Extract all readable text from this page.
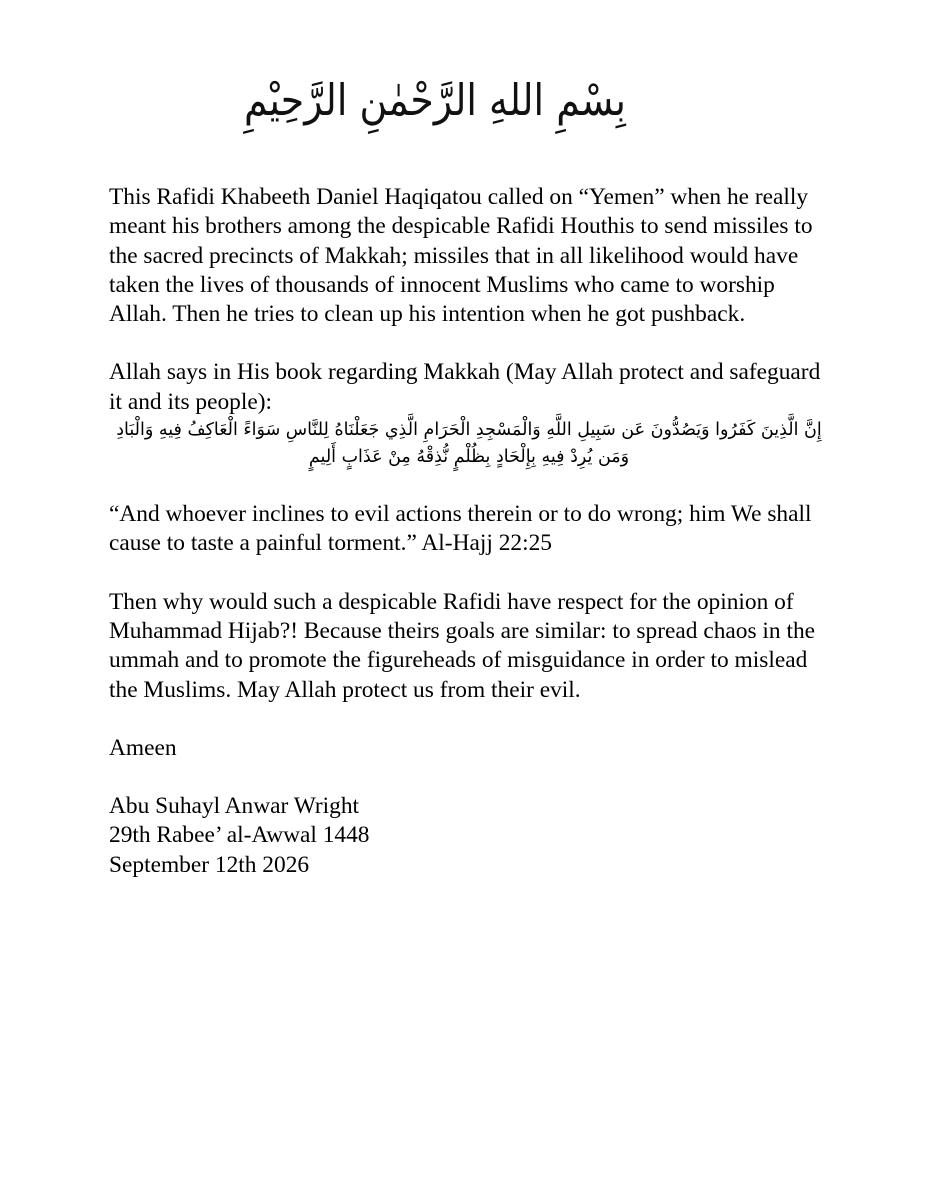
بِسْمِ اللهِ الرَّحْمٰنِ الرَّحِيْمِ

This Rafidi Khabeeth Daniel Haqiqatou called on “Yemen” when he really meant his brothers among the despicable Rafidi Houthis to send missiles to the sacred precincts of Makkah; missiles that in all likelihood would have taken the lives of thousands of innocent Muslims who came to worship Allah. Then he tries to clean up his intention when he got pushback.

Allah says in His book regarding Makkah (May Allah protect and safeguard it and its people):

إِنَّ الَّذِينَ كَفَرُوا وَيَصُدُّونَ عَن سَبِيلِ اللَّهِ وَالْمَسْجِدِ الْحَرَامِ الَّذِي جَعَلْنَاهُ لِلنَّاسِ سَوَاءً الْعَاكِفُ فِيهِ وَالْبَادِ وَمَن يُرِدْ فِيهِ بِإِلْحَادٍ بِظُلْمٍ نُّذِقْهُ مِنْ عَذَابٍ أَلِيمٍ

“And whoever inclines to evil actions therein or to do wrong; him We shall cause to taste a painful torment.” Al-Hajj 22:25

Then why would such a despicable Rafidi have respect for the opinion of Muhammad Hijab?! Because theirs goals are similar: to spread chaos in the ummah and to promote the figureheads of misguidance in order to mislead the Muslims. May Allah protect us from their evil.

Ameen

Abu Suhayl Anwar Wright

29th Rabee’ al-Awwal 1448

September 12th 2026
